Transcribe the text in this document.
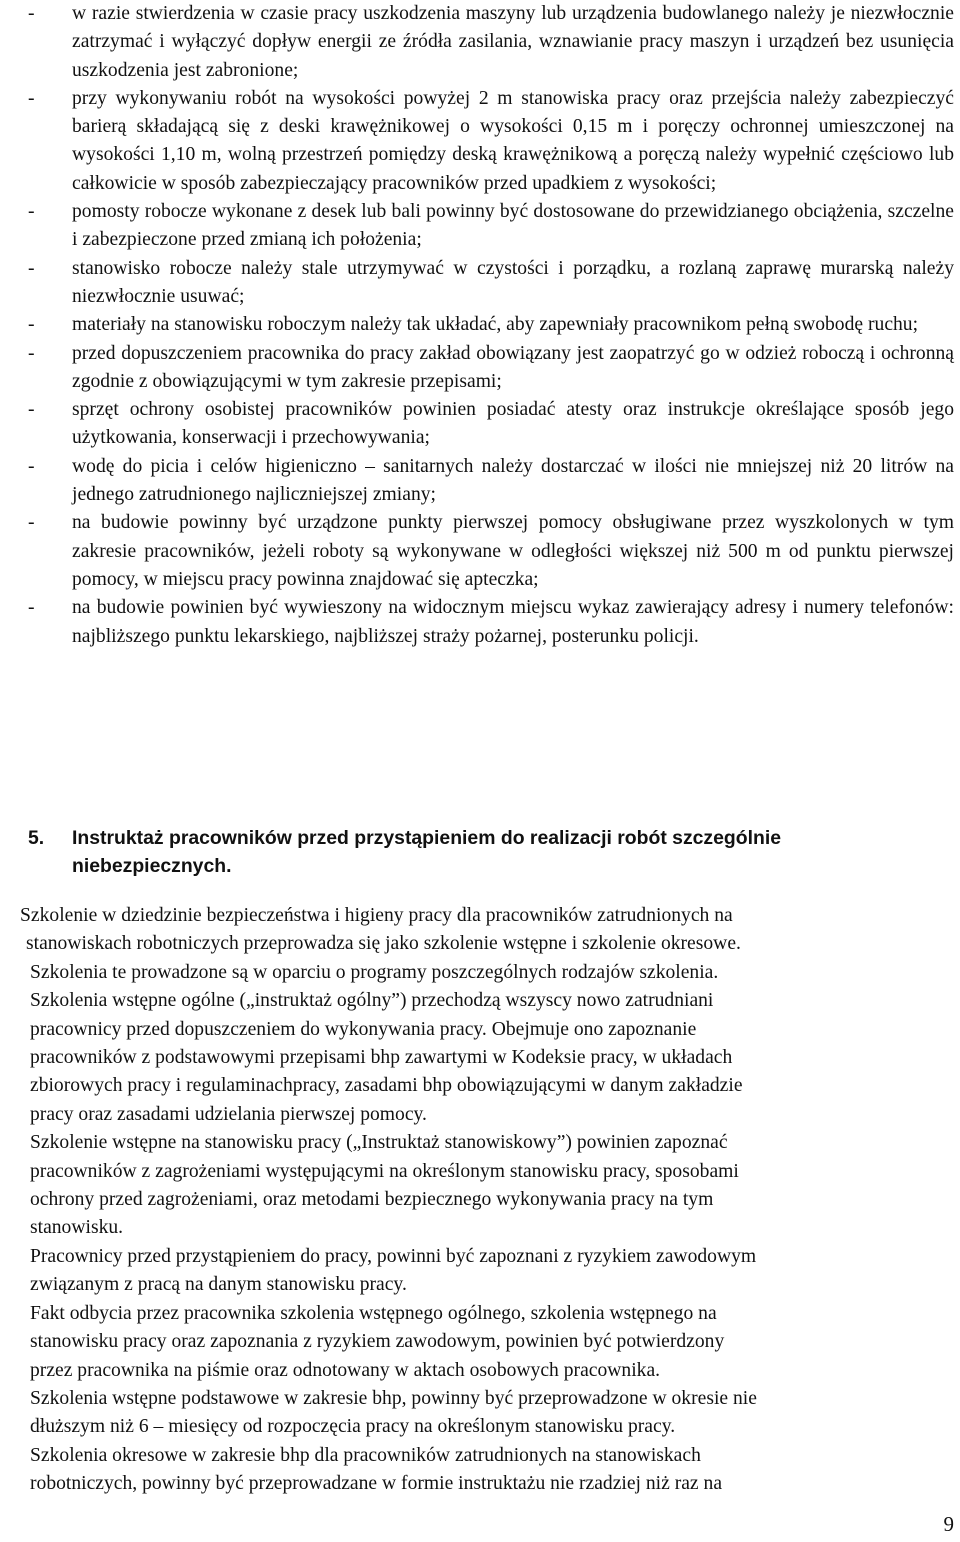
-	w razie stwierdzenia w czasie pracy uszkodzenia maszyny lub urządzenia budowlanego należy je niezwłocznie zatrzymać i wyłączyć dopływ energii ze źródła zasilania, wznawianie pracy maszyn i urządzeń bez usunięcia uszkodzenia jest zabronione;
-	przy wykonywaniu robót na wysokości powyżej 2 m stanowiska pracy oraz przejścia należy zabezpieczyć barierą składającą się z deski krawężnikowej o wysokości 0,15 m i poręczy ochronnej umieszczonej na wysokości 1,10 m, wolną przestrzeń pomiędzy deską krawężnikową a poręczą należy wypełnić częściowo lub całkowicie w sposób zabezpieczający pracowników przed upadkiem z wysokości;
-	pomosty robocze wykonane z desek lub bali powinny być dostosowane do przewidzianego obciążenia, szczelne i zabezpieczone przed zmianą ich położenia;
-	stanowisko robocze należy stale utrzymywać w czystości i porządku, a rozlaną zaprawę murarską należy niezwłocznie usuwać;
-	materiały na stanowisku roboczym należy tak układać, aby zapewniały pracownikom pełną swobodę ruchu;
-	przed dopuszczeniem pracownika do pracy zakład obowiązany jest zaopatrzyć go w odzież roboczą i ochronną zgodnie z obowiązującymi w tym zakresie przepisami;
-	sprzęt ochrony osobistej pracowników powinien posiadać atesty oraz instrukcje określające sposób jego użytkowania, konserwacji i przechowywania;
-	wodę do picia i celów higieniczno – sanitarnych należy dostarczać w ilości nie mniejszej niż 20 litrów na jednego zatrudnionego najliczniejszej zmiany;
-	na budowie powinny być urządzone punkty pierwszej pomocy obsługiwane przez wyszkolonych w tym zakresie pracowników, jeżeli roboty są wykonywane w odległości większej niż 500 m od punktu pierwszej pomocy, w miejscu pracy powinna znajdować się apteczka;
-	na budowie powinien być wywieszony na widocznym miejscu wykaz zawierający adresy i numery telefonów: najbliższego punktu lekarskiego, najbliższej straży pożarnej, posterunku policji.
5.	Instruktaż pracowników przed przystąpieniem do realizacji robót szczególnie niebezpiecznych.
Szkolenie w dziedzinie bezpieczeństwa i higieny pracy dla pracowników zatrudnionych na
stanowiskach robotniczych przeprowadza się jako szkolenie wstępne i szkolenie okresowe.
Szkolenia te prowadzone są w oparciu o programy poszczególnych rodzajów szkolenia.
Szkolenia wstępne ogólne („instruktaż ogólny”) przechodzą wszyscy nowo zatrudniani
pracownicy przed dopuszczeniem do wykonywania pracy. Obejmuje ono zapoznanie
pracowników z podstawowymi przepisami bhp zawartymi w Kodeksie pracy, w układach
zbiorowych pracy i regulaminachpracy, zasadami bhp obowiązującymi w danym zakładzie
pracy oraz zasadami udzielania pierwszej pomocy.
Szkolenie wstępne na stanowisku pracy („Instruktaż stanowiskowy”) powinien zapoznać
pracowników z zagrożeniami występującymi na określonym stanowisku pracy, sposobami
ochrony przed zagrożeniami, oraz metodami bezpiecznego wykonywania pracy na tym
stanowisku.
Pracownicy przed przystąpieniem do pracy, powinni być zapoznani z ryzykiem zawodowym
związanym z pracą na danym stanowisku pracy.
Fakt odbycia przez pracownika szkolenia wstępnego ogólnego, szkolenia wstępnego na
stanowisku pracy oraz zapoznania z ryzykiem zawodowym, powinien być potwierdzony
przez pracownika na piśmie oraz odnotowany w aktach osobowych pracownika.
Szkolenia wstępne podstawowe w zakresie bhp, powinny być przeprowadzone w okresie nie
dłuższym niż 6 – miesięcy od rozpoczęcia pracy na określonym stanowisku pracy.
Szkolenia okresowe w zakresie bhp dla pracowników zatrudnionych na stanowiskach
robotniczych, powinny być przeprowadzane w formie instruktażu nie rzadziej niż raz na
9
